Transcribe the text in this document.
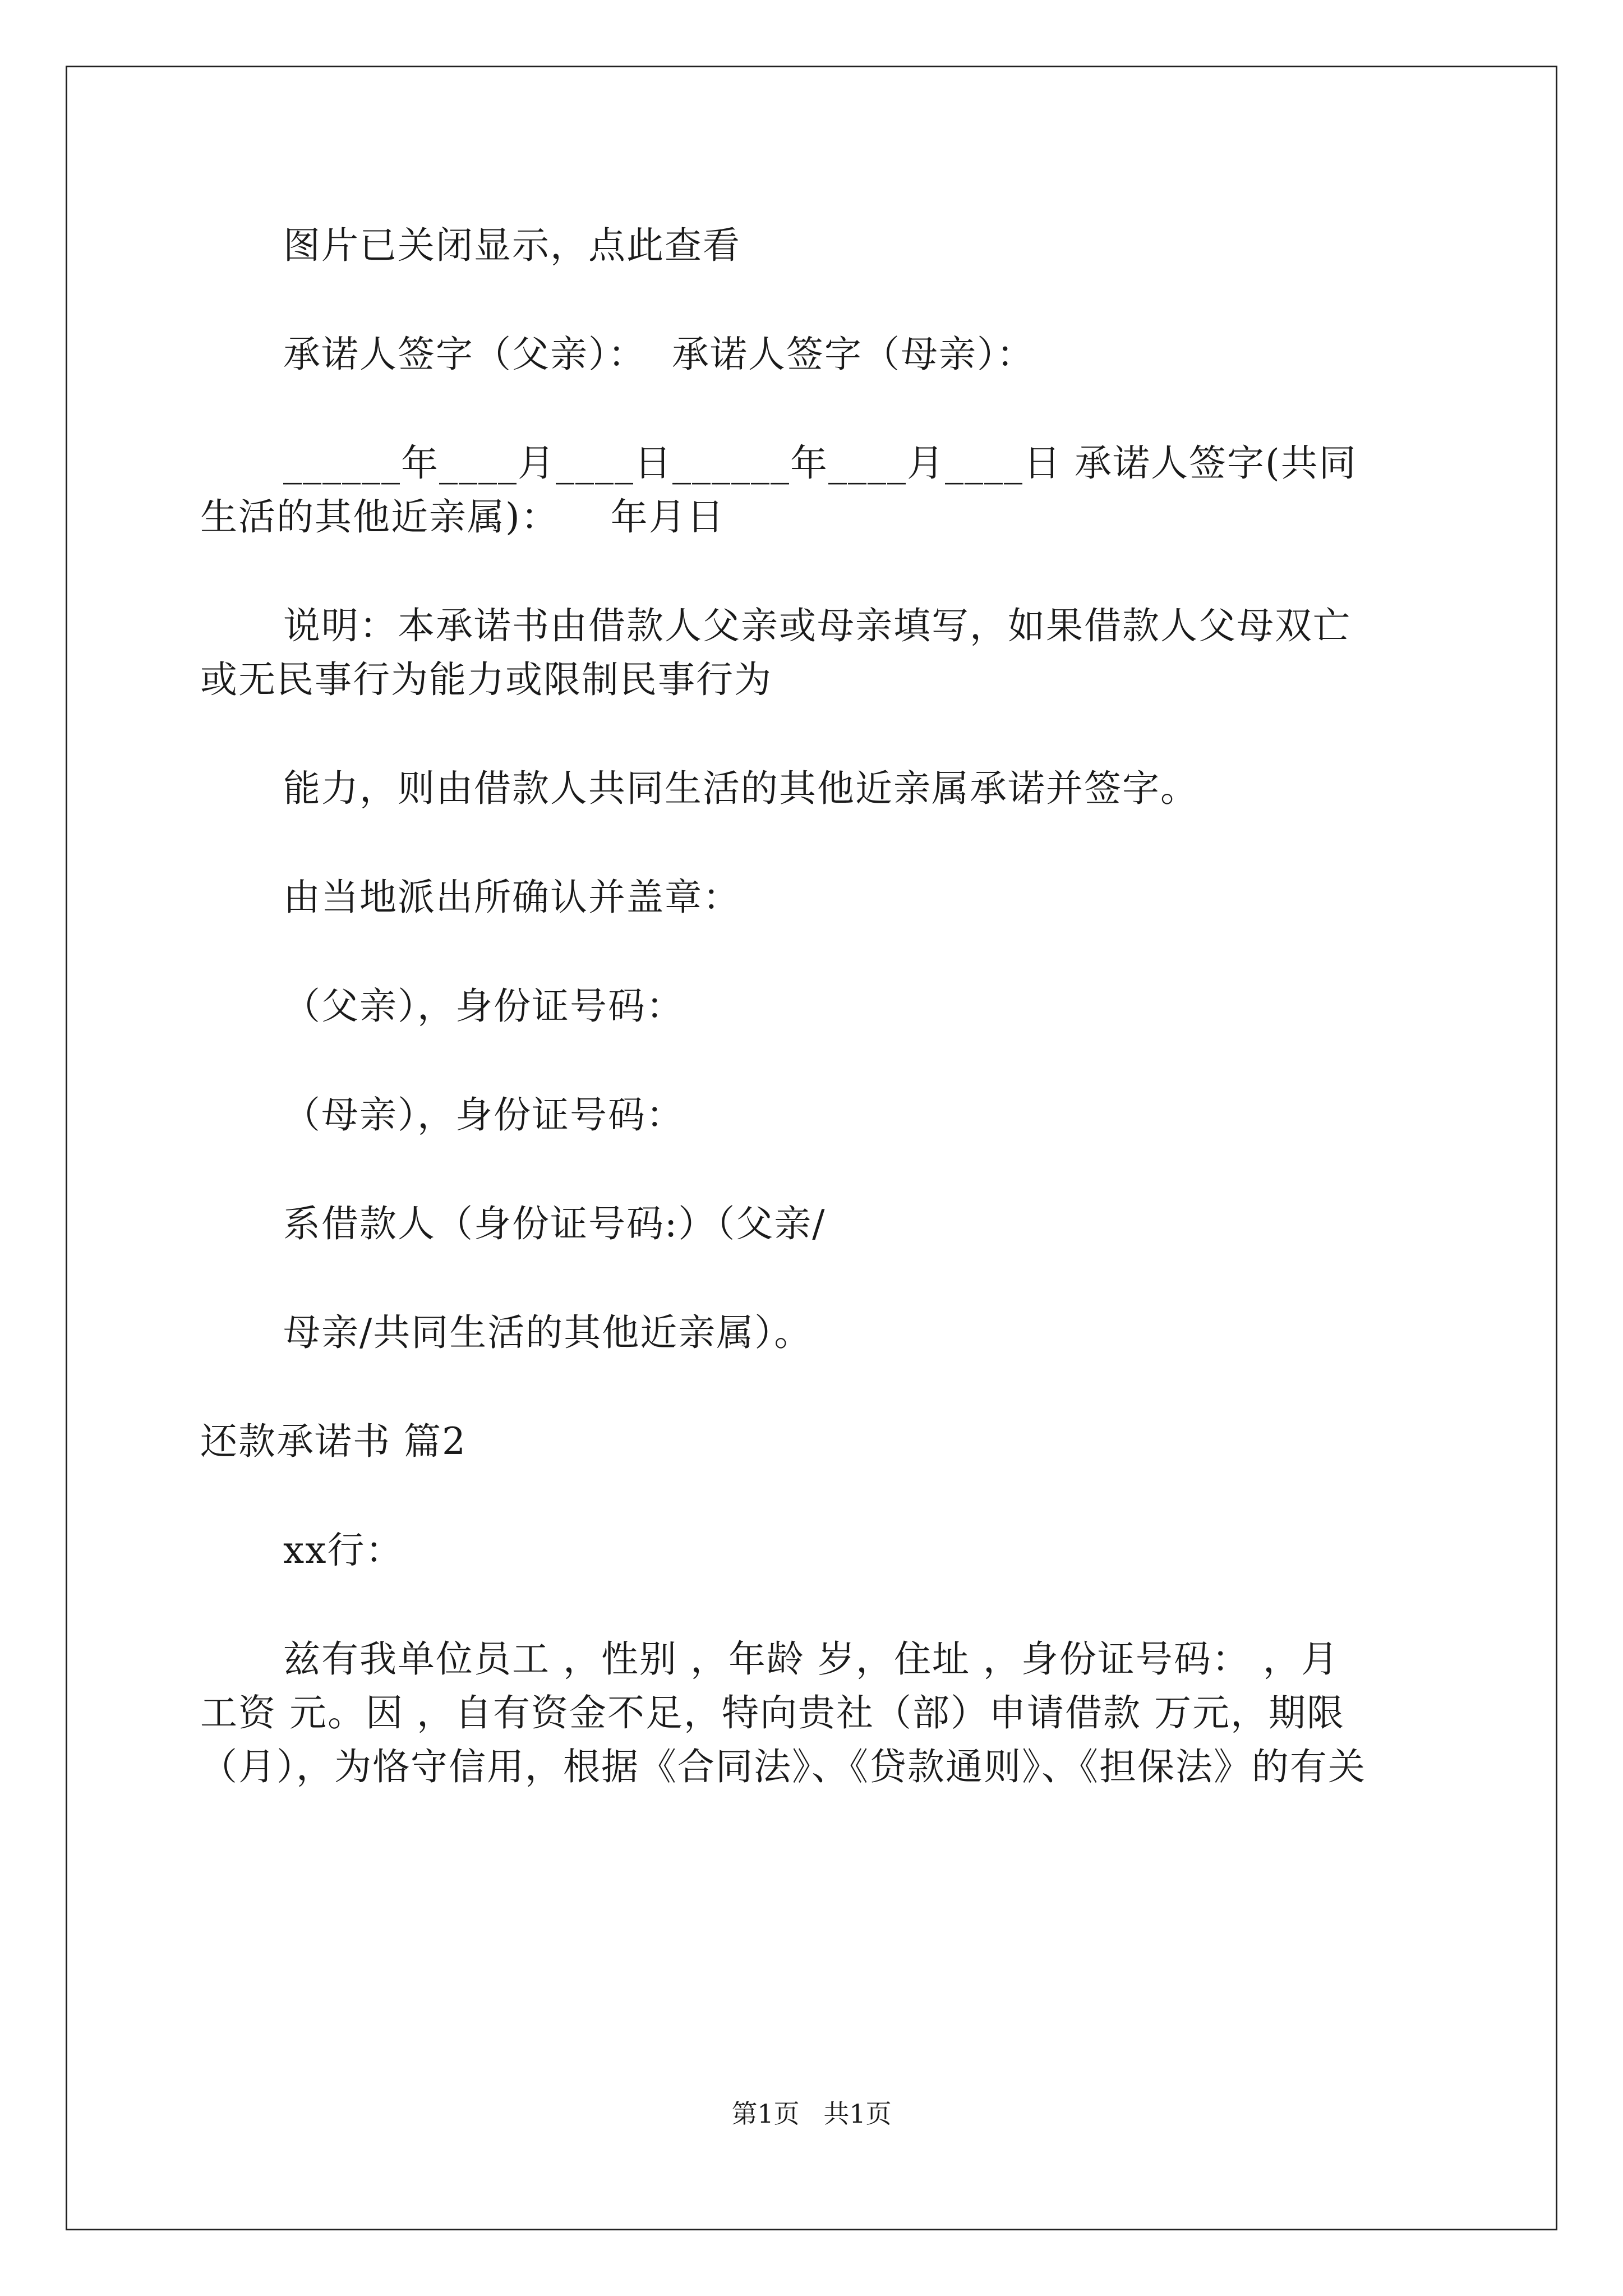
图片已关闭显示，点此查看

承诺人签字（父亲）：  承诺人签字（母亲）：

______年____月____日______年____月____日 承诺人签字(共同
生活的其他近亲属)：    年月日

说明：本承诺书由借款人父亲或母亲填写，如果借款人父母双亡
或无民事行为能力或限制民事行为

能力，则由借款人共同生活的其他近亲属承诺并签字。

由当地派出所确认并盖章：

（父亲），身份证号码：

（母亲），身份证号码：

系借款人（身份证号码:）（父亲/

母亲/共同生活的其他近亲属）。

还款承诺书 篇2

xx行：

兹有我单位员工 ，性别 ，年龄 岁，住址 ，身份证号码： ，月
工资 元。因 ，自有资金不足，特向贵社（部）申请借款 万元，期限
（月），为恪守信用，根据《合同法》、《贷款通则》、《担保法》的有关

第1页 共1页
